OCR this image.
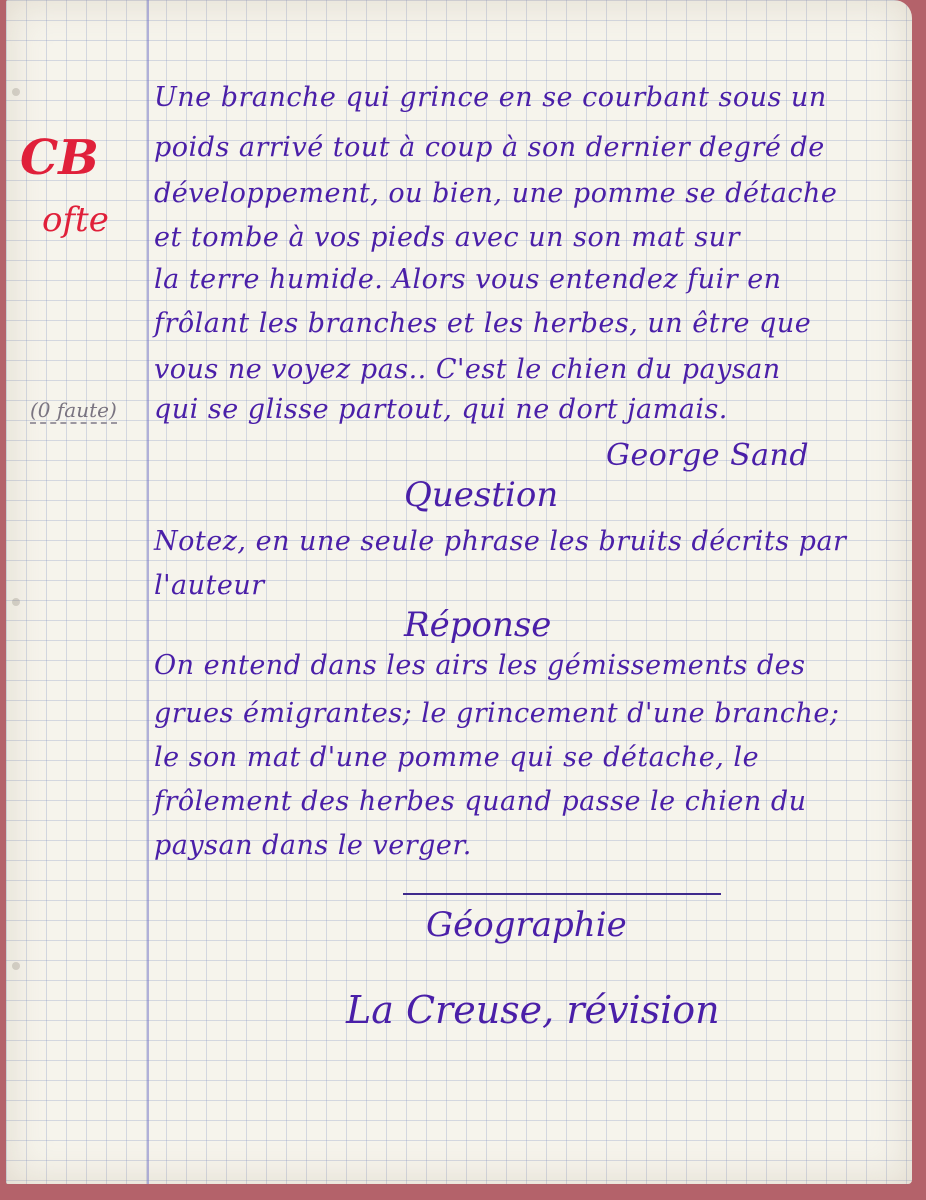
CB
ofte
(0 faute)
Une branche qui grince en se courbant sous un
poids arrivé tout à coup à son dernier degré de
développement, ou bien, une pomme se détache
et tombe à vos pieds avec un son mat sur
la terre humide. Alors vous entendez fuir en
frôlant les branches et les herbes, un être que
vous ne voyez pas.. C'est le chien du paysan
qui se glisse partout, qui ne dort jamais.
George Sand
Question
Notez, en une seule phrase les bruits décrits par
l'auteur
Réponse
On entend dans les airs les gémissements des
grues émigrantes; le grincement d'une branche;
le son mat d'une pomme qui se détache, le
frôlement des herbes quand passe le chien du
paysan dans le verger.
Géographie
La Creuse, révision
